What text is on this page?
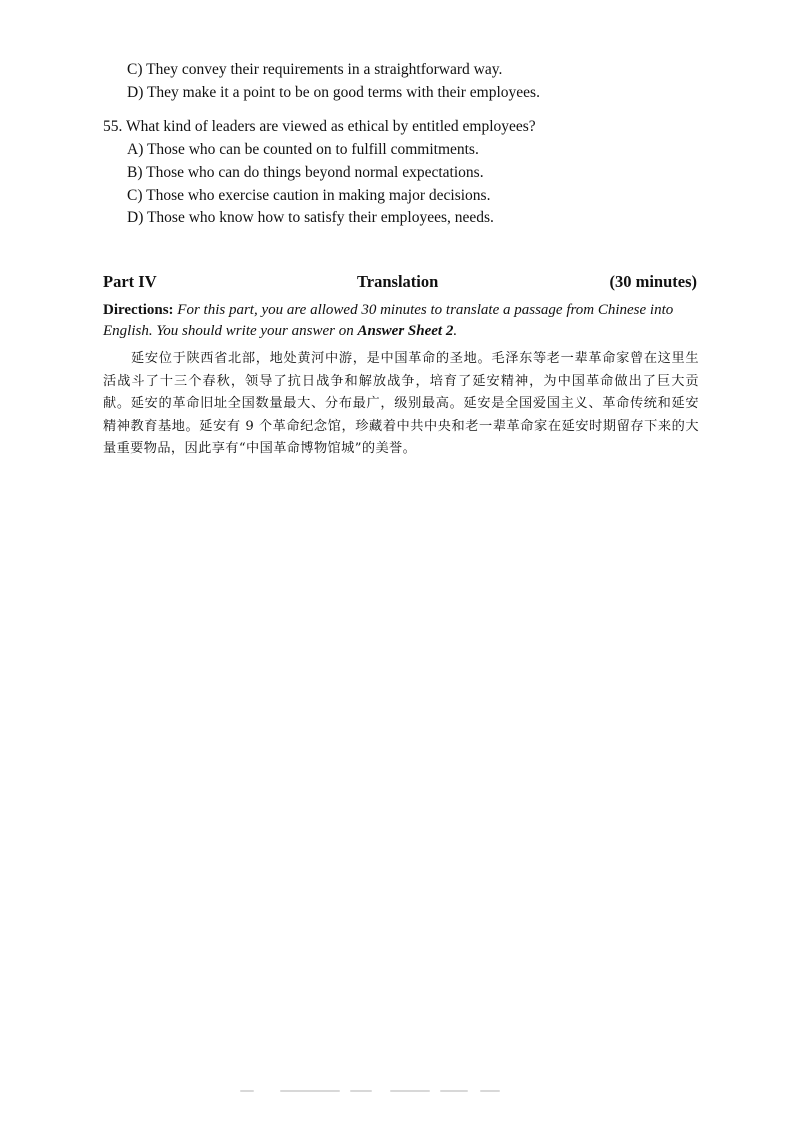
C) They convey their requirements in a straightforward way.
D) They make it a point to be on good terms with their employees.
55. What kind of leaders are viewed as ethical by entitled employees?
A) Those who can be counted on to fulfill commitments.
B) Those who can do things beyond normal expectations.
C) Those who exercise caution in making major decisions.
D) Those who know how to satisfy their employees, needs.
Part IV	Translation	(30 minutes)
Directions: For this part, you are allowed 30 minutes to translate a passage from Chinese into English. You should write your answer on Answer Sheet 2.
延安位于陕西省北部，地处黄河中游，是中国革命的圣地。毛泽东等老一辈革命家曾在这里生活战斗了十三个春秋，领导了抗日战争和解放战争，培育了延安精神，为中国革命做出了巨大贡献。延安的革命旧址全国数量最大、分布最广，级别最高。延安是全国爱国主义、革命传统和延安精神教育基地。延安有 9 个革命纪念馆，珍藏着中共中央和老一辈革命家在延安时期留存下来的大量重要物品，因此享有“中国革命博物馆城”的美誉。
